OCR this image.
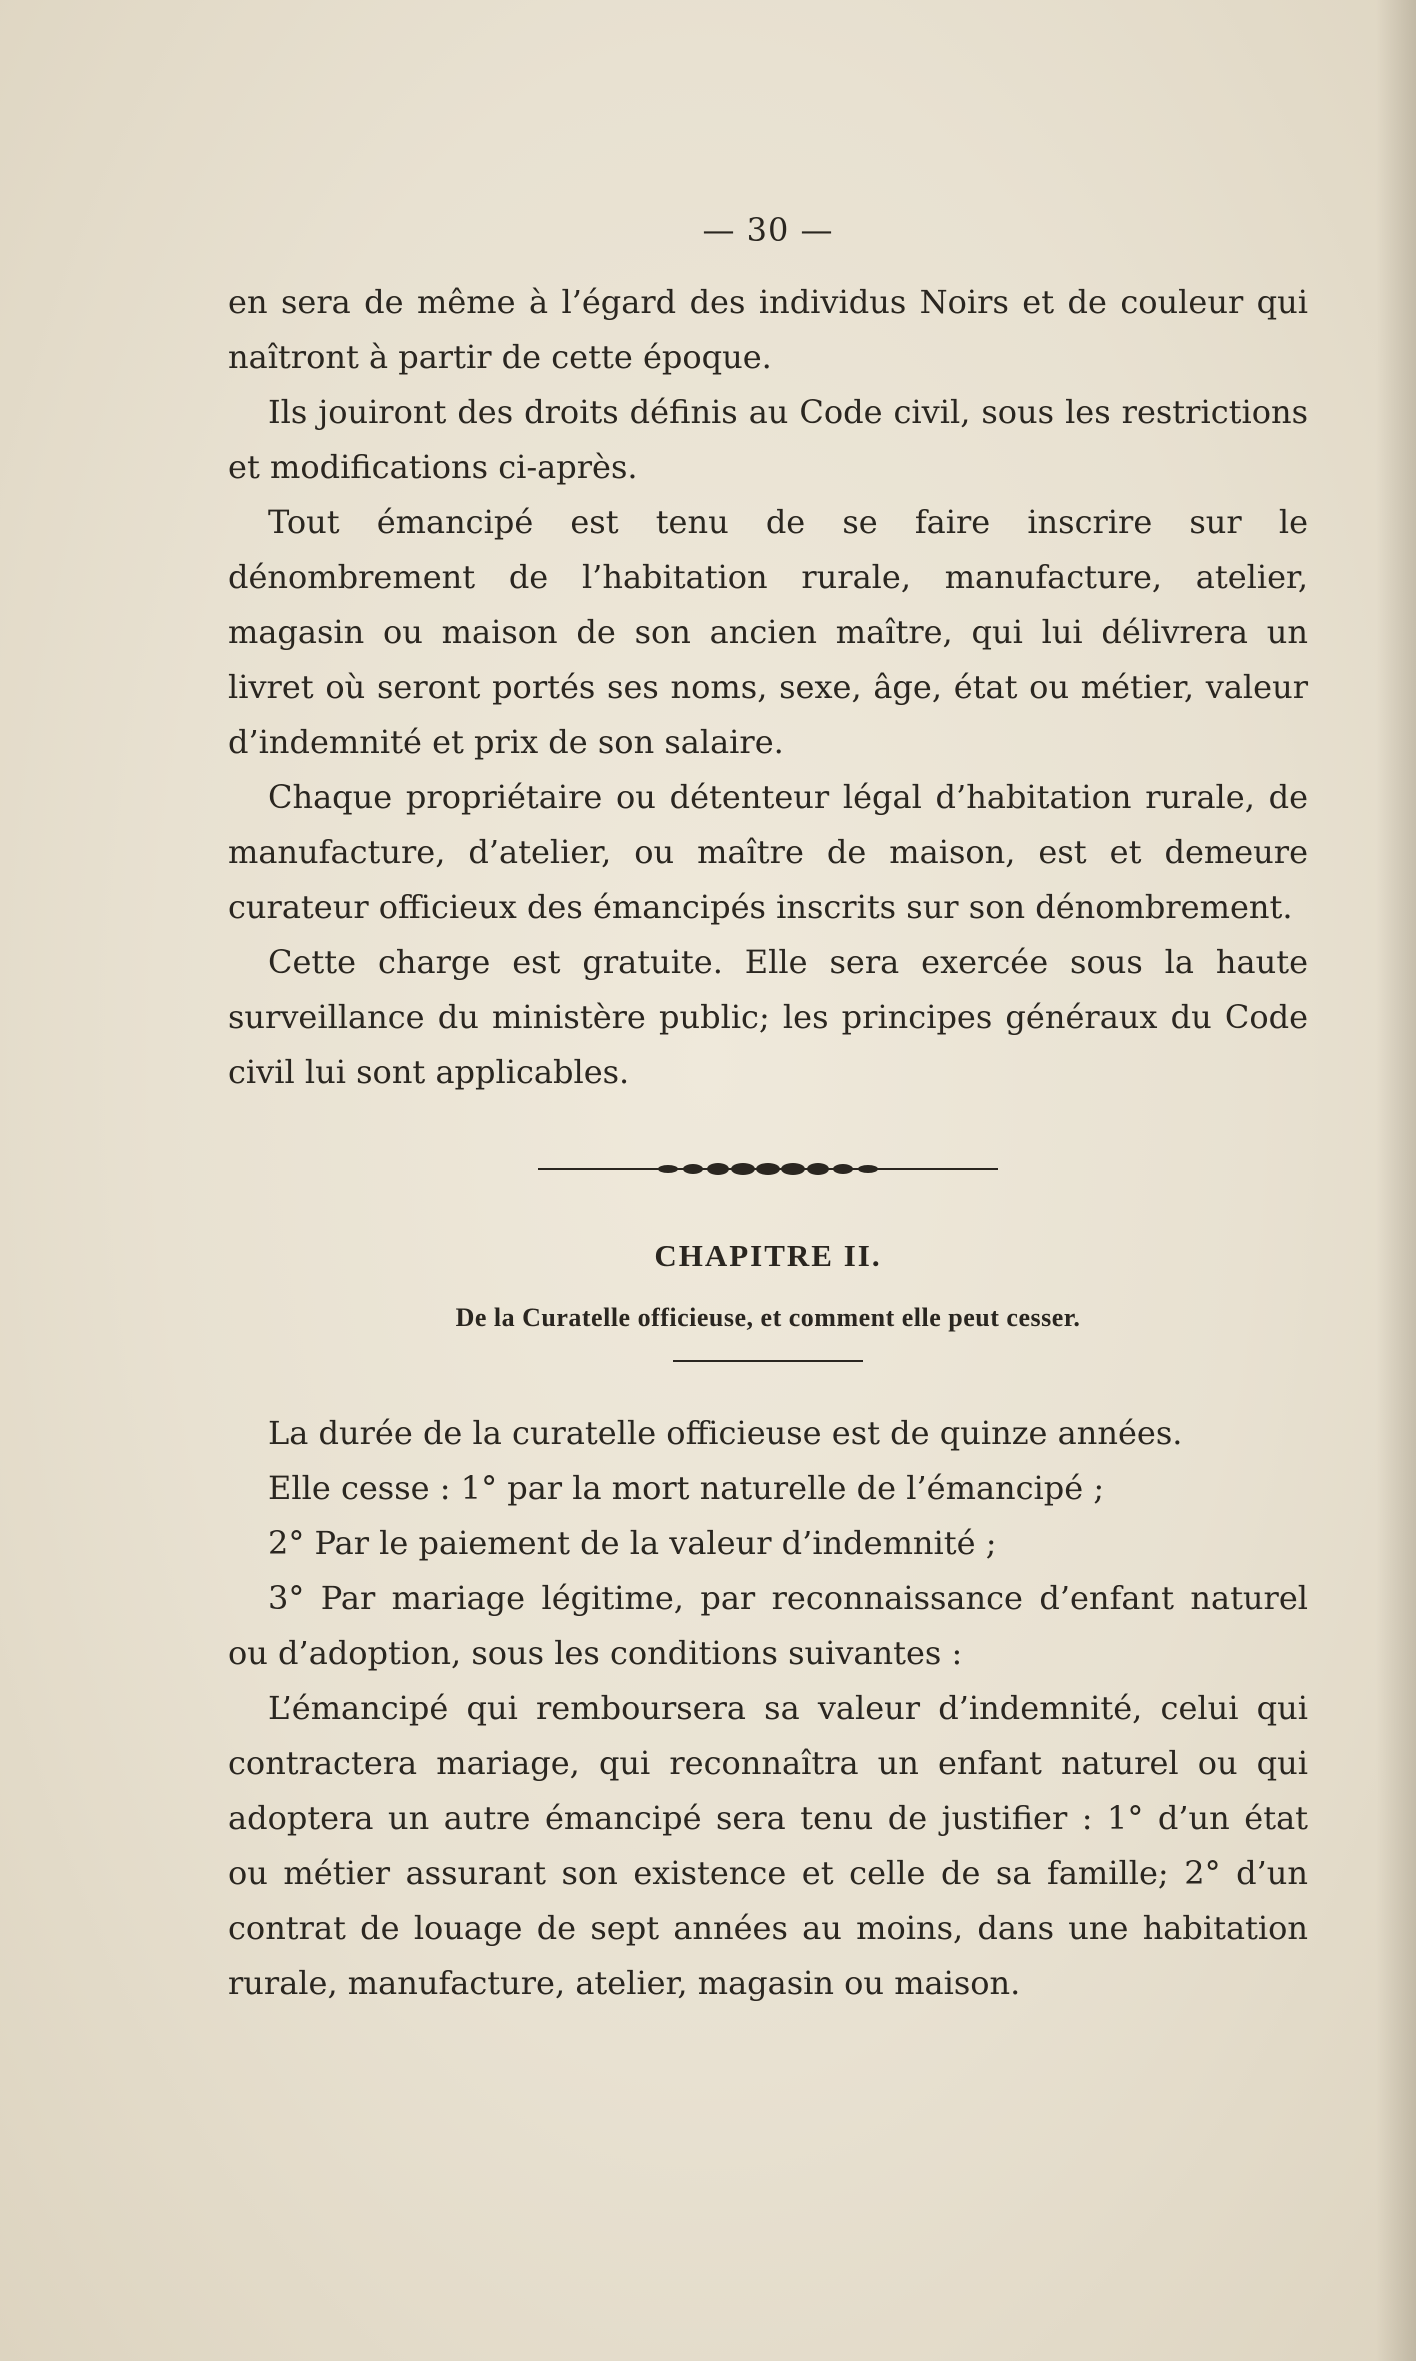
— 30 —

en sera de même à l’égard des individus Noirs et de couleur qui naîtront à partir de cette époque.

Ils jouiront des droits définis au Code civil, sous les restrictions et modifications ci-après.

Tout émancipé est tenu de se faire inscrire sur le dénombrement de l’habitation rurale, manufacture, atelier, magasin ou maison de son ancien maître, qui lui délivrera un livret où seront portés ses noms, sexe, âge, état ou métier, valeur d’indemnité et prix de son salaire.

Chaque propriétaire ou détenteur légal d’habitation rurale, de manufacture, d’atelier, ou maître de maison, est et demeure curateur officieux des émancipés inscrits sur son dénombrement.

Cette charge est gratuite. Elle sera exercée sous la haute surveillance du ministère public; les principes généraux du Code civil lui sont applicables.

CHAPITRE II.
De la Curatelle officieuse, et comment elle peut cesser.

La durée de la curatelle officieuse est de quinze années.

Elle cesse : 1° par la mort naturelle de l’émancipé ;

2° Par le paiement de la valeur d’indemnité ;

3° Par mariage légitime, par reconnaissance d’enfant naturel ou d’adoption, sous les conditions suivantes :

L’émancipé qui remboursera sa valeur d’indemnité, celui qui contractera mariage, qui reconnaîtra un enfant naturel ou qui adoptera un autre émancipé sera tenu de justifier : 1° d’un état ou métier assurant son existence et celle de sa famille; 2° d’un contrat de louage de sept années au moins, dans une habitation rurale, manufacture, atelier, magasin ou maison.
